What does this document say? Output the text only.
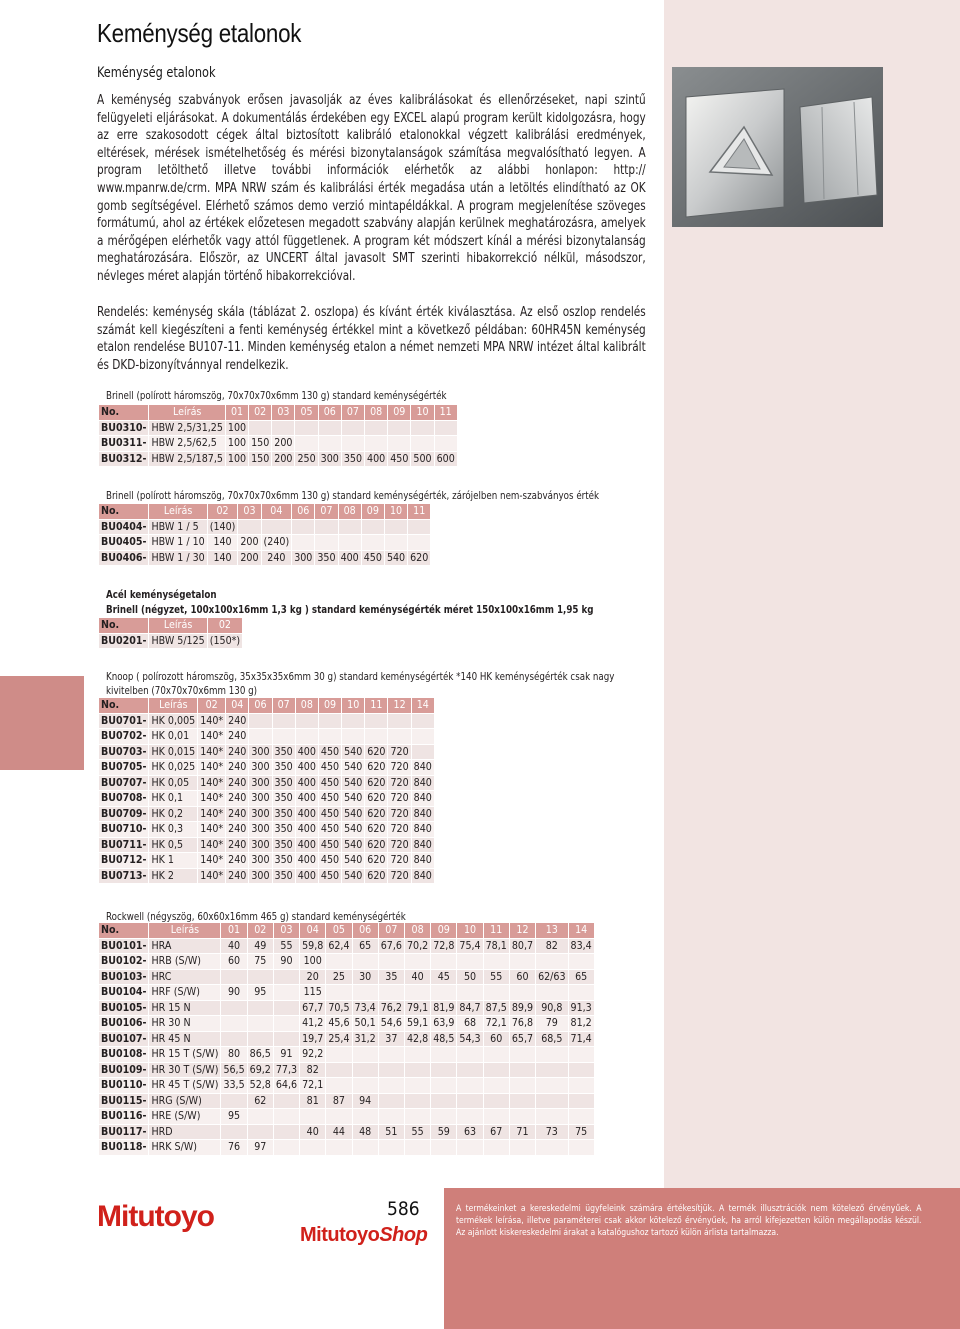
Keménység etalonok
Keménység etalonok
A keménység szabványok erősen javasolják az éves kalibrálásokat és ellenőrzéseket, napi szintű felügyeleti eljárásokat. A dokumentálás érdekében egy EXCEL alapú program került kidolgozásra, hogy az erre szakosodott cégek által biztosított kalibráló etalonokkal végzett kalibrálási eredmények, eltérések, mérések ismételhetőség és mérési bizonytalanságok számítása megvalósítható legyen. A program letölthető illetve további információk elérhetők az alábbi honlapon: http:// www.mpanrw.de/crm. MPA NRW szám és kalibrálási érték megadása után a letöltés elindítható az OK gomb segítségével. Elérhető számos demo verzió mintapéldákkal. A program megjelenítése szöveges formátumú, ahol az értékek előzetesen megadott szabvány alapján kerülnek meghatározásra, amelyek a mérőgépen elérhetők vagy attól függetlenek. A program két módszert kínál a mérési bizonytalanság meghatározására. Először, az UNCERT által javasolt SMT szerinti hibakorrekció nélkül, másodszor, névleges méret alapján történő hibakorrekcióval.
Rendelés: keménység skála (táblázat 2. oszlopa) és kívánt érték kiválasztása. Az első oszlop rendelés számát kell kiegészíteni a fenti keménység értékkel mint a következő példában: 60HR45N keménység etalon rendelése BU107-11. Minden keménység etalon a német nemzeti MPA NRW intézet által kalibrált és DKD-bizonyítvánnyal rendelkezik.
Brinell (polírott háromszög, 70x70x70x6mm 130 g) standard keménységérték
No.	Leírás	01	02	03	05	06	07	08	09	10	11
BU0310-	HBW 2,5/31,25	100									
BU0311-	HBW 2,5/62,5	100	150	200							
BU0312-	HBW 2,5/187,5	100	150	200	250	300	350	400	450	500	600
Brinell (polírott háromszög, 70x70x70x6mm 130 g) standard keménységérték, zárójelben nem-szabványos érték
No.	Leírás	02	03	04	06	07	08	09	10	11
BU0404-	HBW 1 / 5	(140)								
BU0405-	HBW 1 / 10	140	200	(240)						
BU0406-	HBW 1 / 30	140	200	240	300	350	400	450	540	620
Acél keménységetalon
Brinell (négyzet, 100x100x16mm 1,3 kg ) standard keménységérték méret 150x100x16mm 1,95 kg
No.	Leírás	02
BU0201-	HBW 5/125	(150*)
Knoop ( polírozott háromszög, 35x35x35x6mm 30 g) standard keménységérték *140 HK keménységérték csak nagy
kivitelben (70x70x70x6mm 130 g)
No.	Leírás	02	04	06	07	08	09	10	11	12	14
BU0701-	HK 0,005	140*	240								
BU0702-	HK 0,01	140*	240								
BU0703-	HK 0,015	140*	240	300	350	400	450	540	620	720	
BU0705-	HK 0,025	140*	240	300	350	400	450	540	620	720	840
BU0707-	HK 0,05	140*	240	300	350	400	450	540	620	720	840
BU0708-	HK 0,1	140*	240	300	350	400	450	540	620	720	840
BU0709-	HK 0,2	140*	240	300	350	400	450	540	620	720	840
BU0710-	HK 0,3	140*	240	300	350	400	450	540	620	720	840
BU0711-	HK 0,5	140*	240	300	350	400	450	540	620	720	840
BU0712-	HK 1	140*	240	300	350	400	450	540	620	720	840
BU0713-	HK 2	140*	240	300	350	400	450	540	620	720	840
Rockwell (négyszög, 60x60x16mm 465 g) standard keménységérték
No.	Leírás	01	02	03	04	05	06	07	08	09	10	11	12	13	14
BU0101-	HRA	40	49	55	59,8	62,4	65	67,6	70,2	72,8	75,4	78,1	80,7	82	83,4
BU0102-	HRB (S/W)	60	75	90	100										
BU0103-	HRC				20	25	30	35	40	45	50	55	60	62/63	65
BU0104-	HRF (S/W)	90	95		115										
BU0105-	HR 15 N				67,7	70,5	73,4	76,2	79,1	81,9	84,7	87,5	89,9	90,8	91,3
BU0106-	HR 30 N				41,2	45,6	50,1	54,6	59,1	63,9	68	72,1	76,8	79	81,2
BU0107-	HR 45 N				19,7	25,4	31,2	37	42,8	48,5	54,3	60	65,7	68,5	71,4
BU0108-	HR 15 T (S/W)	80	86,5	91	92,2										
BU0109-	HR 30 T (S/W)	56,5	69,2	77,3	82										
BU0110-	HR 45 T (S/W)	33,5	52,8	64,6	72,1										
BU0115-	HRG (S/W)		62		81	87	94								
BU0116-	HRE (S/W)	95													
BU0117-	HRD				40	44	48	51	55	59	63	67	71	73	75
BU0118-	HRK S/W)	76	97												
Mitutoyo	586
MitutoyoShop
A termékeinket a kereskedelmi ügyfeleink számára értékesítjük. A termék illusztrációk nem kötelező érvényűek. A termékek leírása, illetve paraméterei csak akkor kötelező érvényűek, ha arról kifejezetten külön megállapodás készül. Az ajánlott kiskereskedelmi árakat a katalógushoz tartozó külön árlista tartalmazza.
